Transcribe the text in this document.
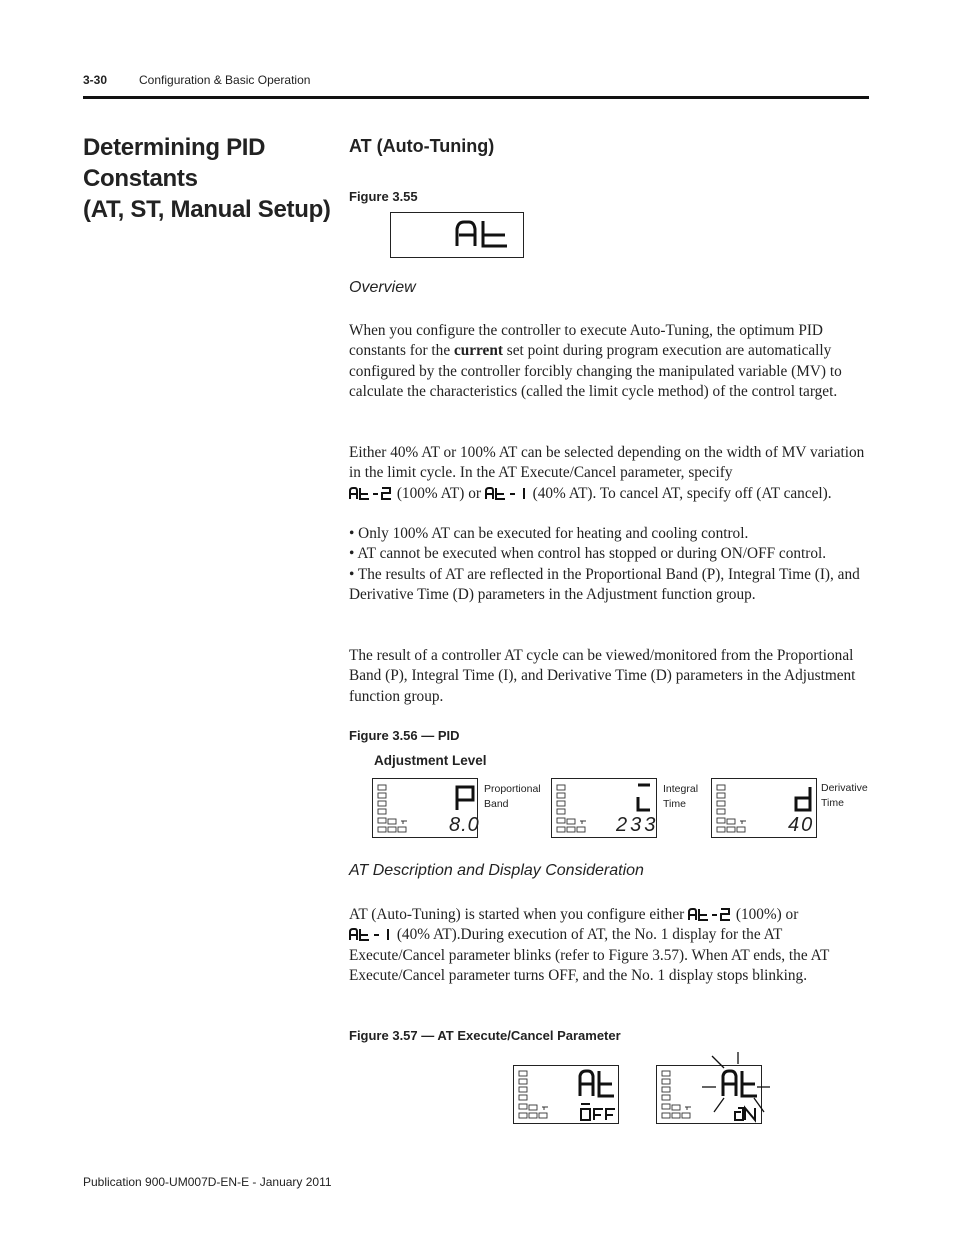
3-30	Configuration & Basic Operation
Determining PID Constants
(AT, ST, Manual Setup)
AT (Auto-Tuning)
Figure 3.55
Overview
When you configure the controller to execute Auto-Tuning, the optimum PID constants for the current set point during program execution are automatically configured by the controller forcibly changing the manipulated variable (MV) to calculate the characteristics (called the limit cycle method) of the control target.
Either 40% AT or 100% AT can be selected depending on the width of MV variation in the limit cycle. In the AT Execute/Cancel parameter, specify
(100% AT) or	(40% AT). To cancel AT, specify off (AT cancel).
• Only 100% AT can be executed for heating and cooling control.
• AT cannot be executed when control has stopped or during ON/OFF control.
• The results of AT are reflected in the Proportional Band (P), Integral Time (I), and Derivative Time (D) parameters in the Adjustment function group.
The result of a controller AT cycle can be viewed/monitored from the Proportional Band (P), Integral Time (I), and Derivative Time (D) parameters in the Adjustment function group.
Figure 3.56 — PID
Adjustment Level
8.0
Proportional
Band
233
Integral
Time
40
Derivative
Time
AT Description and Display Consideration
AT (Auto-Tuning) is started when you configure either	(100%) or
(40% AT).During execution of AT, the No. 1 display for the AT Execute/Cancel parameter blinks (refer to Figure 3.57). When AT ends, the AT Execute/Cancel parameter turns OFF, and the No. 1 display stops blinking.
Figure 3.57 — AT Execute/Cancel Parameter
Publication 900-UM007D-EN-E - January 2011
